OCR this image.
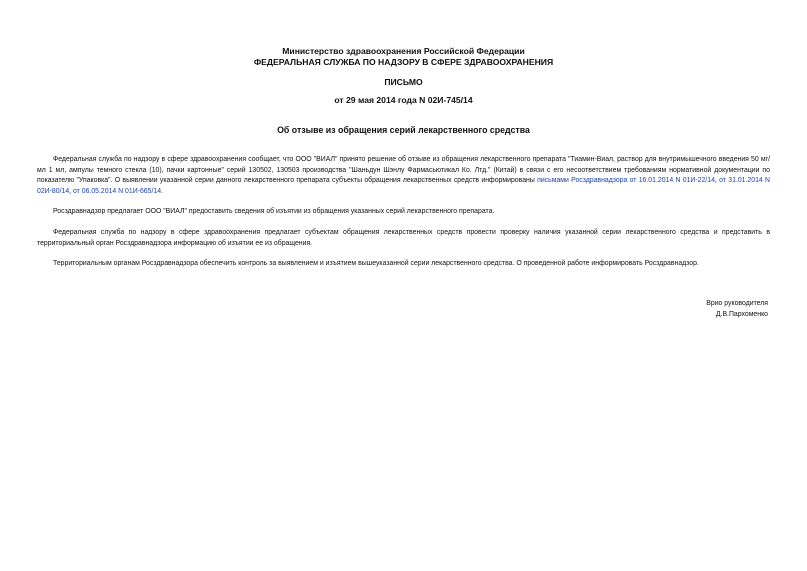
Министерство здравоохранения Российской Федерации
ФЕДЕРАЛЬНАЯ СЛУЖБА ПО НАДЗОРУ В СФЕРЕ ЗДРАВООХРАНЕНИЯ
ПИСЬМО
от 29 мая 2014 года N 02И-745/14
Об отзыве из обращения серий лекарственного средства

Федеральная служба по надзору в сфере здравоохранения сообщает, что ООО "ВИАЛ" принято решение об отзыве из обращения лекарственного препарата "Тиамин-Виал, раствор для внутримышечного введения 50 мг/мл 1 мл, ампулы темного стекла (10), пачки картонные" серий 130502, 130503 производства "Шаньдун Шэнлу Фармасьютикал Ко. Лтд." (Китай) в связи с его несоответствием требованиям нормативной документации по показателю "Упаковка". О выявлении указанной серии данного лекарственного препарата субъекты обращения лекарственных средств информированы письмами Росздравнадзора от 16.01.2014 N 01И-22/14, от 31.01.2014 N 02И-80/14, от 06.05.2014 N 01И-665/14.

Росздравнадзор предлагает ООО "ВИАЛ" предоставить сведения об изъятии из обращения указанных серий лекарственного препарата.

Федеральная служба по надзору в сфере здравоохранения предлагает субъектам обращения лекарственных средств провести проверку наличия указанной серии лекарственного средства и представить в территориальный орган Росздравнадзора информацию об изъятии ее из обращения.

Территориальным органам Росздравнадзора обеспечить контроль за выявлением и изъятием вышеуказанной серии лекарственного средства. О проведенной работе информировать Росздравнадзор.

Врио руководителя
Д.В.Пархоменко
